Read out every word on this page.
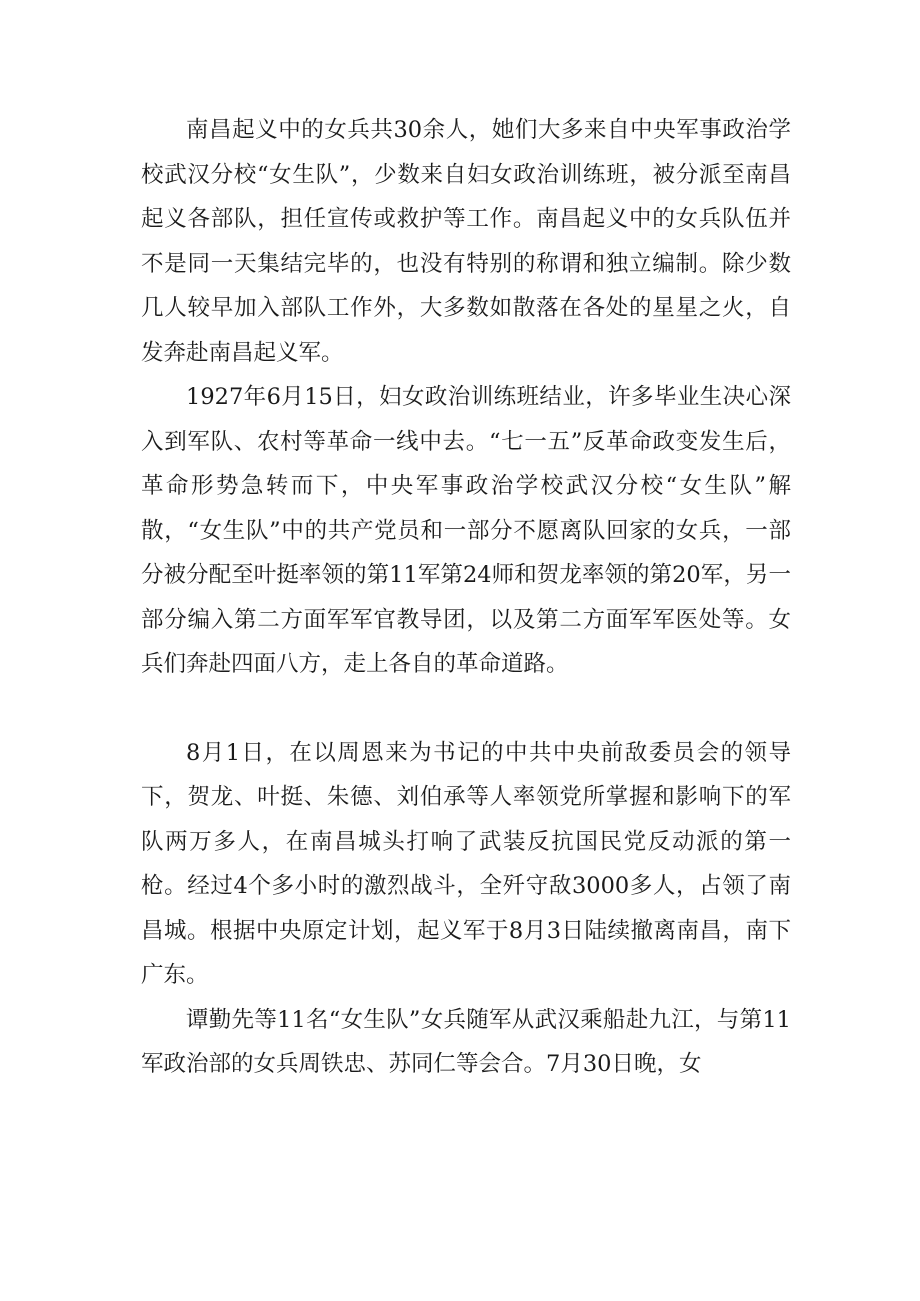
南昌起义中的女兵共30余人，她们大多来自中央军事政治学校武汉分校“女生队”，少数来自妇女政治训练班，被分派至南昌起义各部队，担任宣传或救护等工作。南昌起义中的女兵队伍并不是同一天集结完毕的，也没有特别的称谓和独立编制。除少数几人较早加入部队工作外，大多数如散落在各处的星星之火，自发奔赴南昌起义军。

1927年6月15日，妇女政治训练班结业，许多毕业生决心深入到军队、农村等革命一线中去。“七一五”反革命政变发生后，革命形势急转而下，中央军事政治学校武汉分校“女生队”解散，“女生队”中的共产党员和一部分不愿离队回家的女兵，一部分被分配至叶挺率领的第11军第24师和贺龙率领的第20军，另一部分编入第二方面军军官教导团，以及第二方面军军医处等。女兵们奔赴四面八方，走上各自的革命道路。

8月1日，在以周恩来为书记的中共中央前敌委员会的领导下，贺龙、叶挺、朱德、刘伯承等人率领党所掌握和影响下的军队两万多人，在南昌城头打响了武装反抗国民党反动派的第一枪。经过4个多小时的激烈战斗，全歼守敌3000多人，占领了南昌城。根据中央原定计划，起义军于8月3日陆续撤离南昌，南下广东。

谭勤先等11名“女生队”女兵随军从武汉乘船赴九江，与第11军政治部的女兵周铁忠、苏同仁等会合。7月30日晚，女
